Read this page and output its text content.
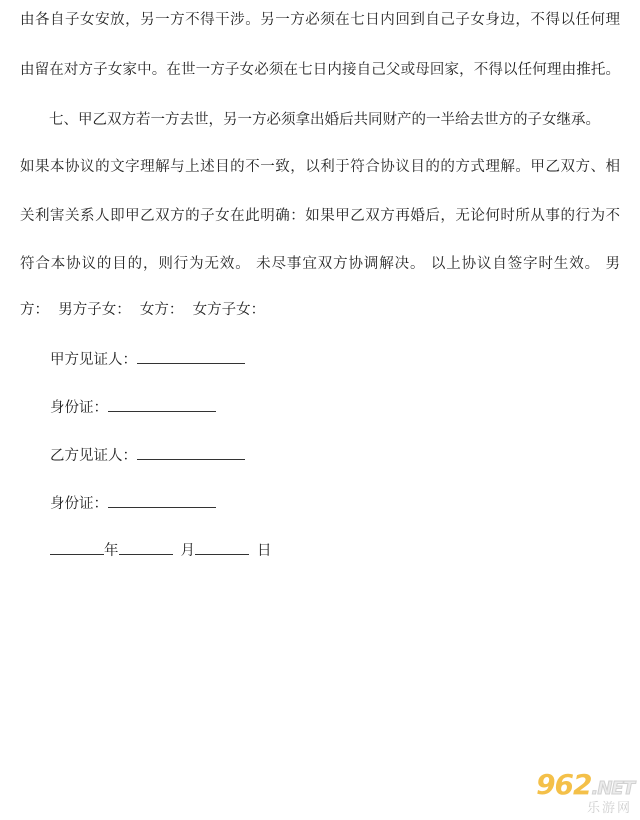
由各自子女安放，另一方不得干涉。另一方必须在七日内回到自己子女身边，不得以任何理
由留在对方子女家中。在世一方子女必须在七日内接自己父或母回家，不得以任何理由推托。
七、甲乙双方若一方去世，另一方必须拿出婚后共同财产的一半给去世方的子女继承。
如果本协议的文字理解与上述目的不一致，以利于符合协议目的的方式理解。甲乙双方、相
关利害关系人即甲乙双方的子女在此明确：如果甲乙双方再婚后，无论何时所从事的行为不
符合本协议的目的，则行为无效。 未尽事宜双方协调解决。 以上协议自签字时生效。 男
方：  男方子女：  女方：  女方子女：
甲方见证人：
身份证：
乙方见证人：
身份证：
年	月	日
962.NET
乐游网
